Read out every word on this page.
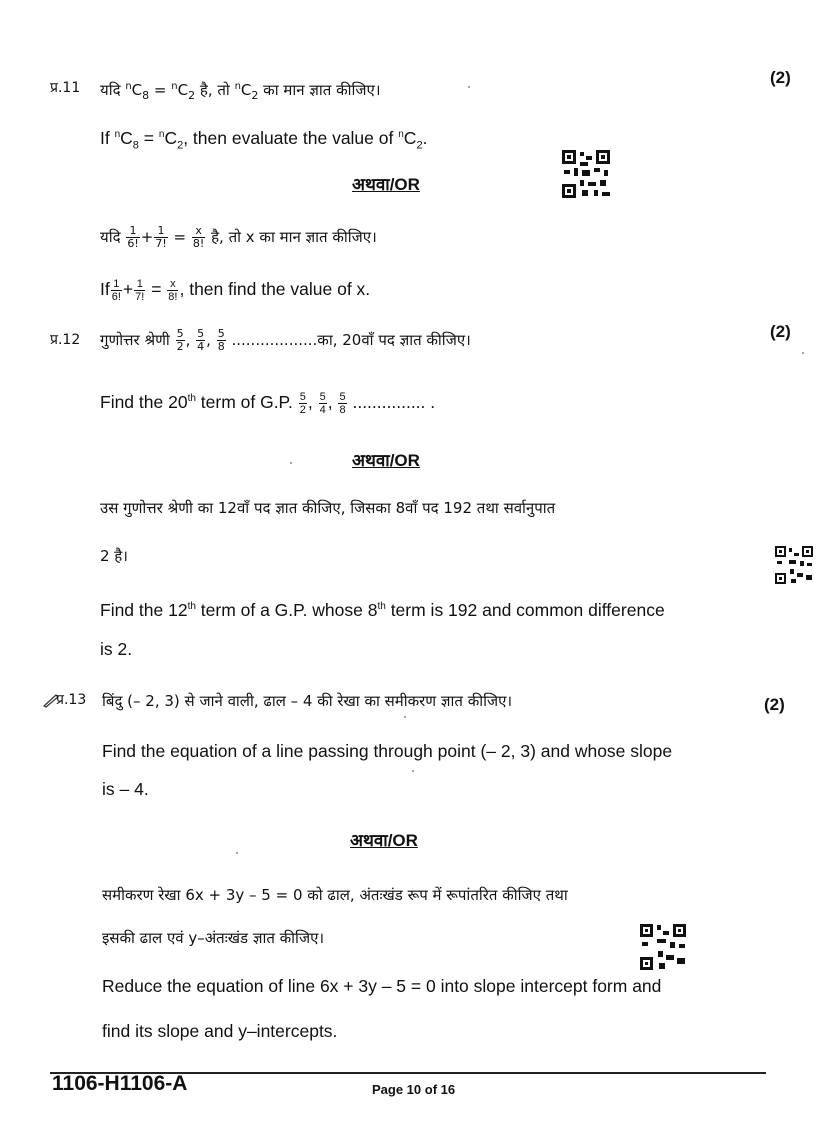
प्र.11
(2)
यदि $^nC_8 = ^nC_2$ है, तो $^nC_2$ का मान ज्ञात कीजिए।
If $^nC_8 = ^nC_2$, then evaluate the value of $^nC_2$.
अथवा/OR
यदि $\frac{1}{6!} + \frac{1}{7!} = \frac{x}{8!}$ है, तो x का मान ज्ञात कीजिए।
If $\frac{1}{6!} + \frac{1}{7!} = \frac{x}{8!}$ , then find the value of x.
प्र.12	(2)
गुणोत्तर श्रेणी $\frac{5}{2}$ , $\frac{5}{4}$ , $\frac{5}{8}$ ..................का, 20वाँ पद ज्ञात कीजिए।
Find the 20th term of G.P. $\frac{5}{2}$ , $\frac{5}{4}$ , $\frac{5}{8}$ ............... .
अथवा/OR
उस गुणोत्तर श्रेणी का 12वाँ पद ज्ञात कीजिए, जिसका 8वाँ पद 192 तथा सर्वानुपात
2 है।
Find the 12th term of a G.P. whose 8th term is 192 and common difference
is 2.
प्र.13	(2)
बिंदु (– 2, 3) से जाने वाली, ढाल – 4 की रेखा का समीकरण ज्ञात कीजिए।
Find the equation of a line passing through point (– 2, 3) and whose slope
is – 4.
अथवा/OR
समीकरण रेखा 6x + 3y – 5 = 0 को ढाल, अंतःखंड रूप में रूपांतरित कीजिए तथा
इसकी ढाल एवं y–अंतःखंड ज्ञात कीजिए।
Reduce the equation of line 6x + 3y – 5 = 0 into slope intercept form and
find its slope and y–intercepts.
1106-H1106-A	Page 10 of 16
